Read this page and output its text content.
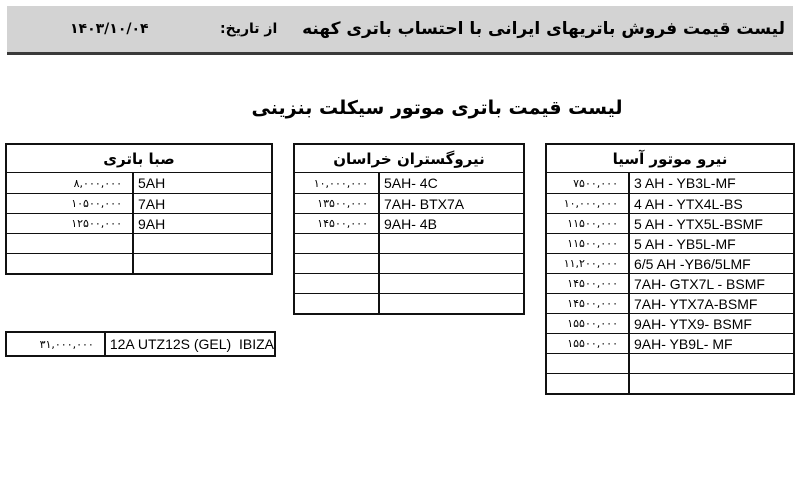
لیست قیمت فروش باتریهای ایرانی با احتساب باتری کهنه
از تاریخ:
۱۴۰۳/۱۰/۰۴
لیست قیمت باتری موتور سیکلت بنزینی
صبا باتری
۸,۰۰۰,۰۰۰	5AH
۱۰۵۰۰,۰۰۰	7AH
۱۲۵۰۰,۰۰۰	9AH
نیروگستران خراسان
۱۰,۰۰۰,۰۰۰	5AH- 4C
۱۳۵۰۰,۰۰۰	7AH- BTX7A
۱۴۵۰۰,۰۰۰	9AH- 4B
نیرو موتور آسیا
۷۵۰۰,۰۰۰	3 AH - YB3L-MF
۱۰,۰۰۰,۰۰۰	4 AH - YTX4L-BS
۱۱۵۰۰,۰۰۰	5 AH - YTX5L-BSMF
۱۱۵۰۰,۰۰۰	5 AH - YB5L-MF
۱۱,۲۰۰,۰۰۰	6/5 AH -YB6/5LMF
۱۴۵۰۰,۰۰۰	7AH- GTX7L - BSMF
۱۴۵۰۰,۰۰۰	7AH- YTX7A-BSMF
۱۵۵۰۰,۰۰۰	9AH- YTX9- BSMF
۱۵۵۰۰,۰۰۰	9AH- YB9L- MF
۳۱,۰۰۰,۰۰۰	12A UTZ12S (GEL)  IBIZA
